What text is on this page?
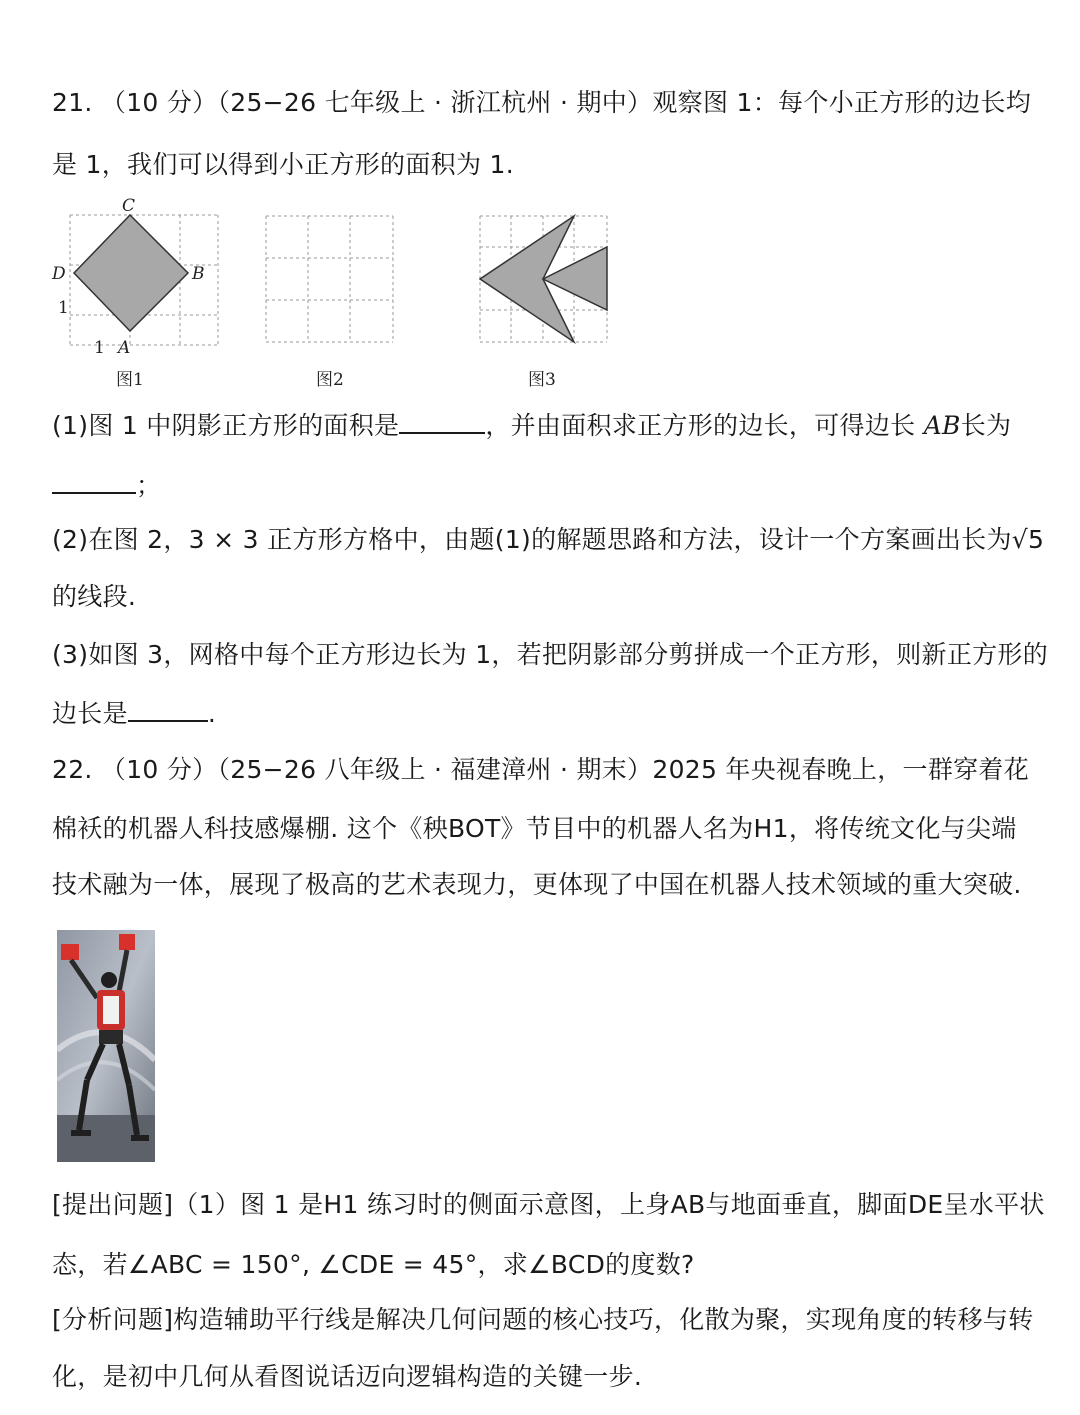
21. （10 分）（25−26 七年级上 · 浙江杭州 · 期中）观察图 1：每个小正方形的边长均
是 1，我们可以得到小正方形的面积为 1.
C
D	B
A
1
1
图1	图2	图3
(1)图 1 中阴影正方形的面积是	，并由面积求正方形的边长，可得边长 AB长为
；
(2)在图 2，3 × 3 正方形方格中，由题(1)的解题思路和方法，设计一个方案画出长为√5
的线段.
(3)如图 3，网格中每个正方形边长为 1，若把阴影部分剪拼成一个正方形，则新正方形的
边长是	.
22. （10 分）（25−26 八年级上 · 福建漳州 · 期末）2025 年央视春晚上，一群穿着花
棉袄的机器人科技感爆棚. 这个《秧BOT》节目中的机器人名为H1，将传统文化与尖端
技术融为一体，展现了极高的艺术表现力，更体现了中国在机器人技术领域的重大突破.
[提出问题]（1）图 1 是H1 练习时的侧面示意图，上身AB与地面垂直，脚面DE呈水平状
态，若∠ABC = 150°, ∠CDE = 45°，求∠BCD的度数?
[分析问题]构造辅助平行线是解决几何问题的核心技巧，化散为聚，实现角度的转移与转
化，是初中几何从看图说话迈向逻辑构造的关键一步.
